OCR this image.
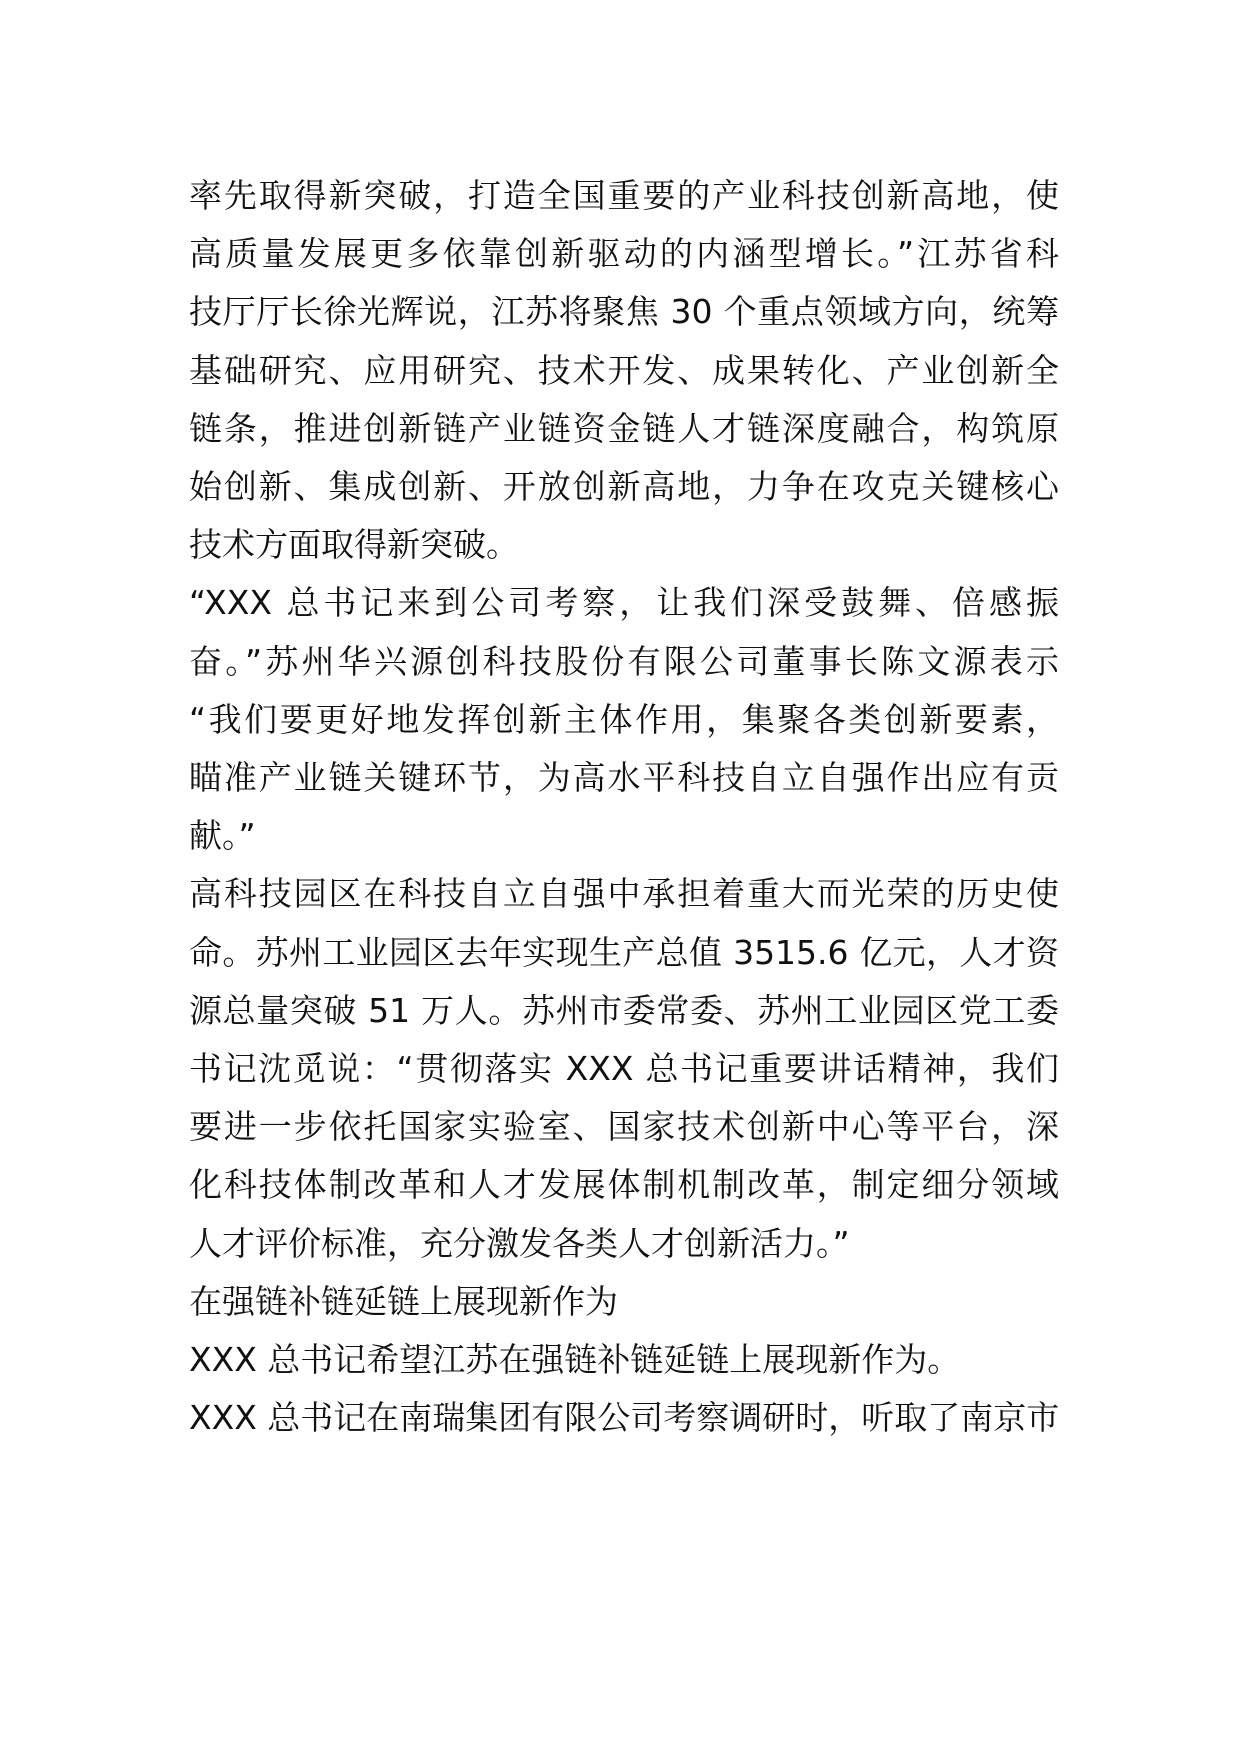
率先取得新突破，打造全国重要的产业科技创新高地，使
高质量发展更多依靠创新驱动的内涵型增长。”江苏省科
技厅厅长徐光辉说，江苏将聚焦 30 个重点领域方向，统筹
基础研究、应用研究、技术开发、成果转化、产业创新全
链条，推进创新链产业链资金链人才链深度融合，构筑原
始创新、集成创新、开放创新高地，力争在攻克关键核心
技术方面取得新突破。
“XXX 总书记来到公司考察，让我们深受鼓舞、倍感振
奋。”苏州华兴源创科技股份有限公司董事长陈文源表示
“我们要更好地发挥创新主体作用，集聚各类创新要素，
瞄准产业链关键环节，为高水平科技自立自强作出应有贡
献。”
高科技园区在科技自立自强中承担着重大而光荣的历史使
命。苏州工业园区去年实现生产总值 3515.6 亿元，人才资
源总量突破 51 万人。苏州市委常委、苏州工业园区党工委
书记沈觅说：“贯彻落实 XXX 总书记重要讲话精神，我们
要进一步依托国家实验室、国家技术创新中心等平台，深
化科技体制改革和人才发展体制机制改革，制定细分领域
人才评价标准，充分激发各类人才创新活力。”
在强链补链延链上展现新作为
XXX 总书记希望江苏在强链补链延链上展现新作为。
XXX 总书记在南瑞集团有限公司考察调研时，听取了南京市
